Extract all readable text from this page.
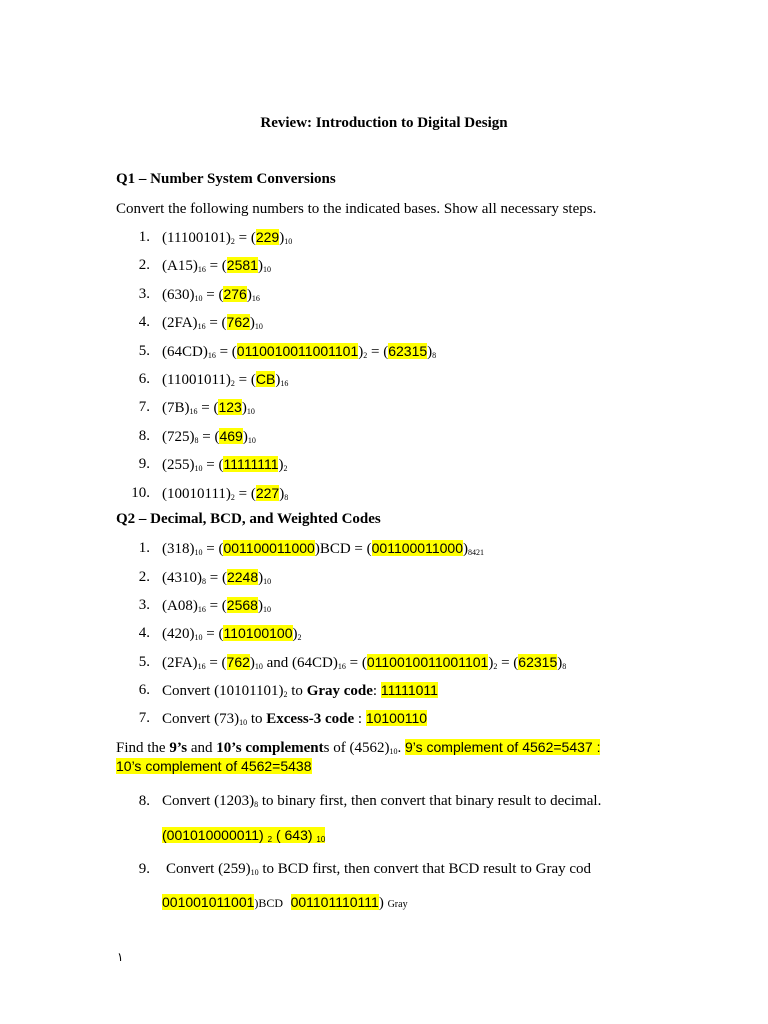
Review: Introduction to Digital Design
Q1 – Number System Conversions
Convert the following numbers to the indicated bases. Show all necessary steps.
1. $(11100101)_2 = (229)_{10}$
2. $(A15)_{16} = (2581)_{10}$
3. $(630)_{10} = (276)_{16}$
4. $(2FA)_{16} = (762)_{10}$
5. $(64CD)_{16} = (0110010011001101)_2 = (62315)_8$
6. $(11001011)_2 = (CB)_{16}$
7. $(7B)_{16} = (123)_{10}$
8. $(725)_8 = (469)_{10}$
9. $(255)_{10} = (11111111)_2$
10. $(10010111)_2 = (227)_8$
Q2 – Decimal, BCD, and Weighted Codes
1. $(318)_{10} = (001100011000)BCD = (001100011000)_{8421}$
2. $(4310)_8 = (2248)_{10}$
3. $(A08)_{16} = (2568)_{10}$
4. $(420)_{10} = (110100100)_2$
5. $(2FA)_{16} = (762)_{10}$ and $(64CD)_{16} = (0110010011001101)_2 = (62315)_8$
6. Convert $(10101101)_2$ to Gray code: 11111011
7. Convert $(73)_{10}$ to Excess-3 code : 10100110
Find the 9’s and 10’s complements of $(4562)_{10}$. 9’s complement of 4562=5437 :
10’s complement of 4562=5438
8. Convert $(1203)_8$ to binary first, then convert that binary result to decimal.
(001010000011) $_2$ ( 643) $_{10}$
9. Convert $(259)_{10}$ to BCD first, then convert that BCD result to Gray cod
001001011001)BCD 001101110111) Gray
١
